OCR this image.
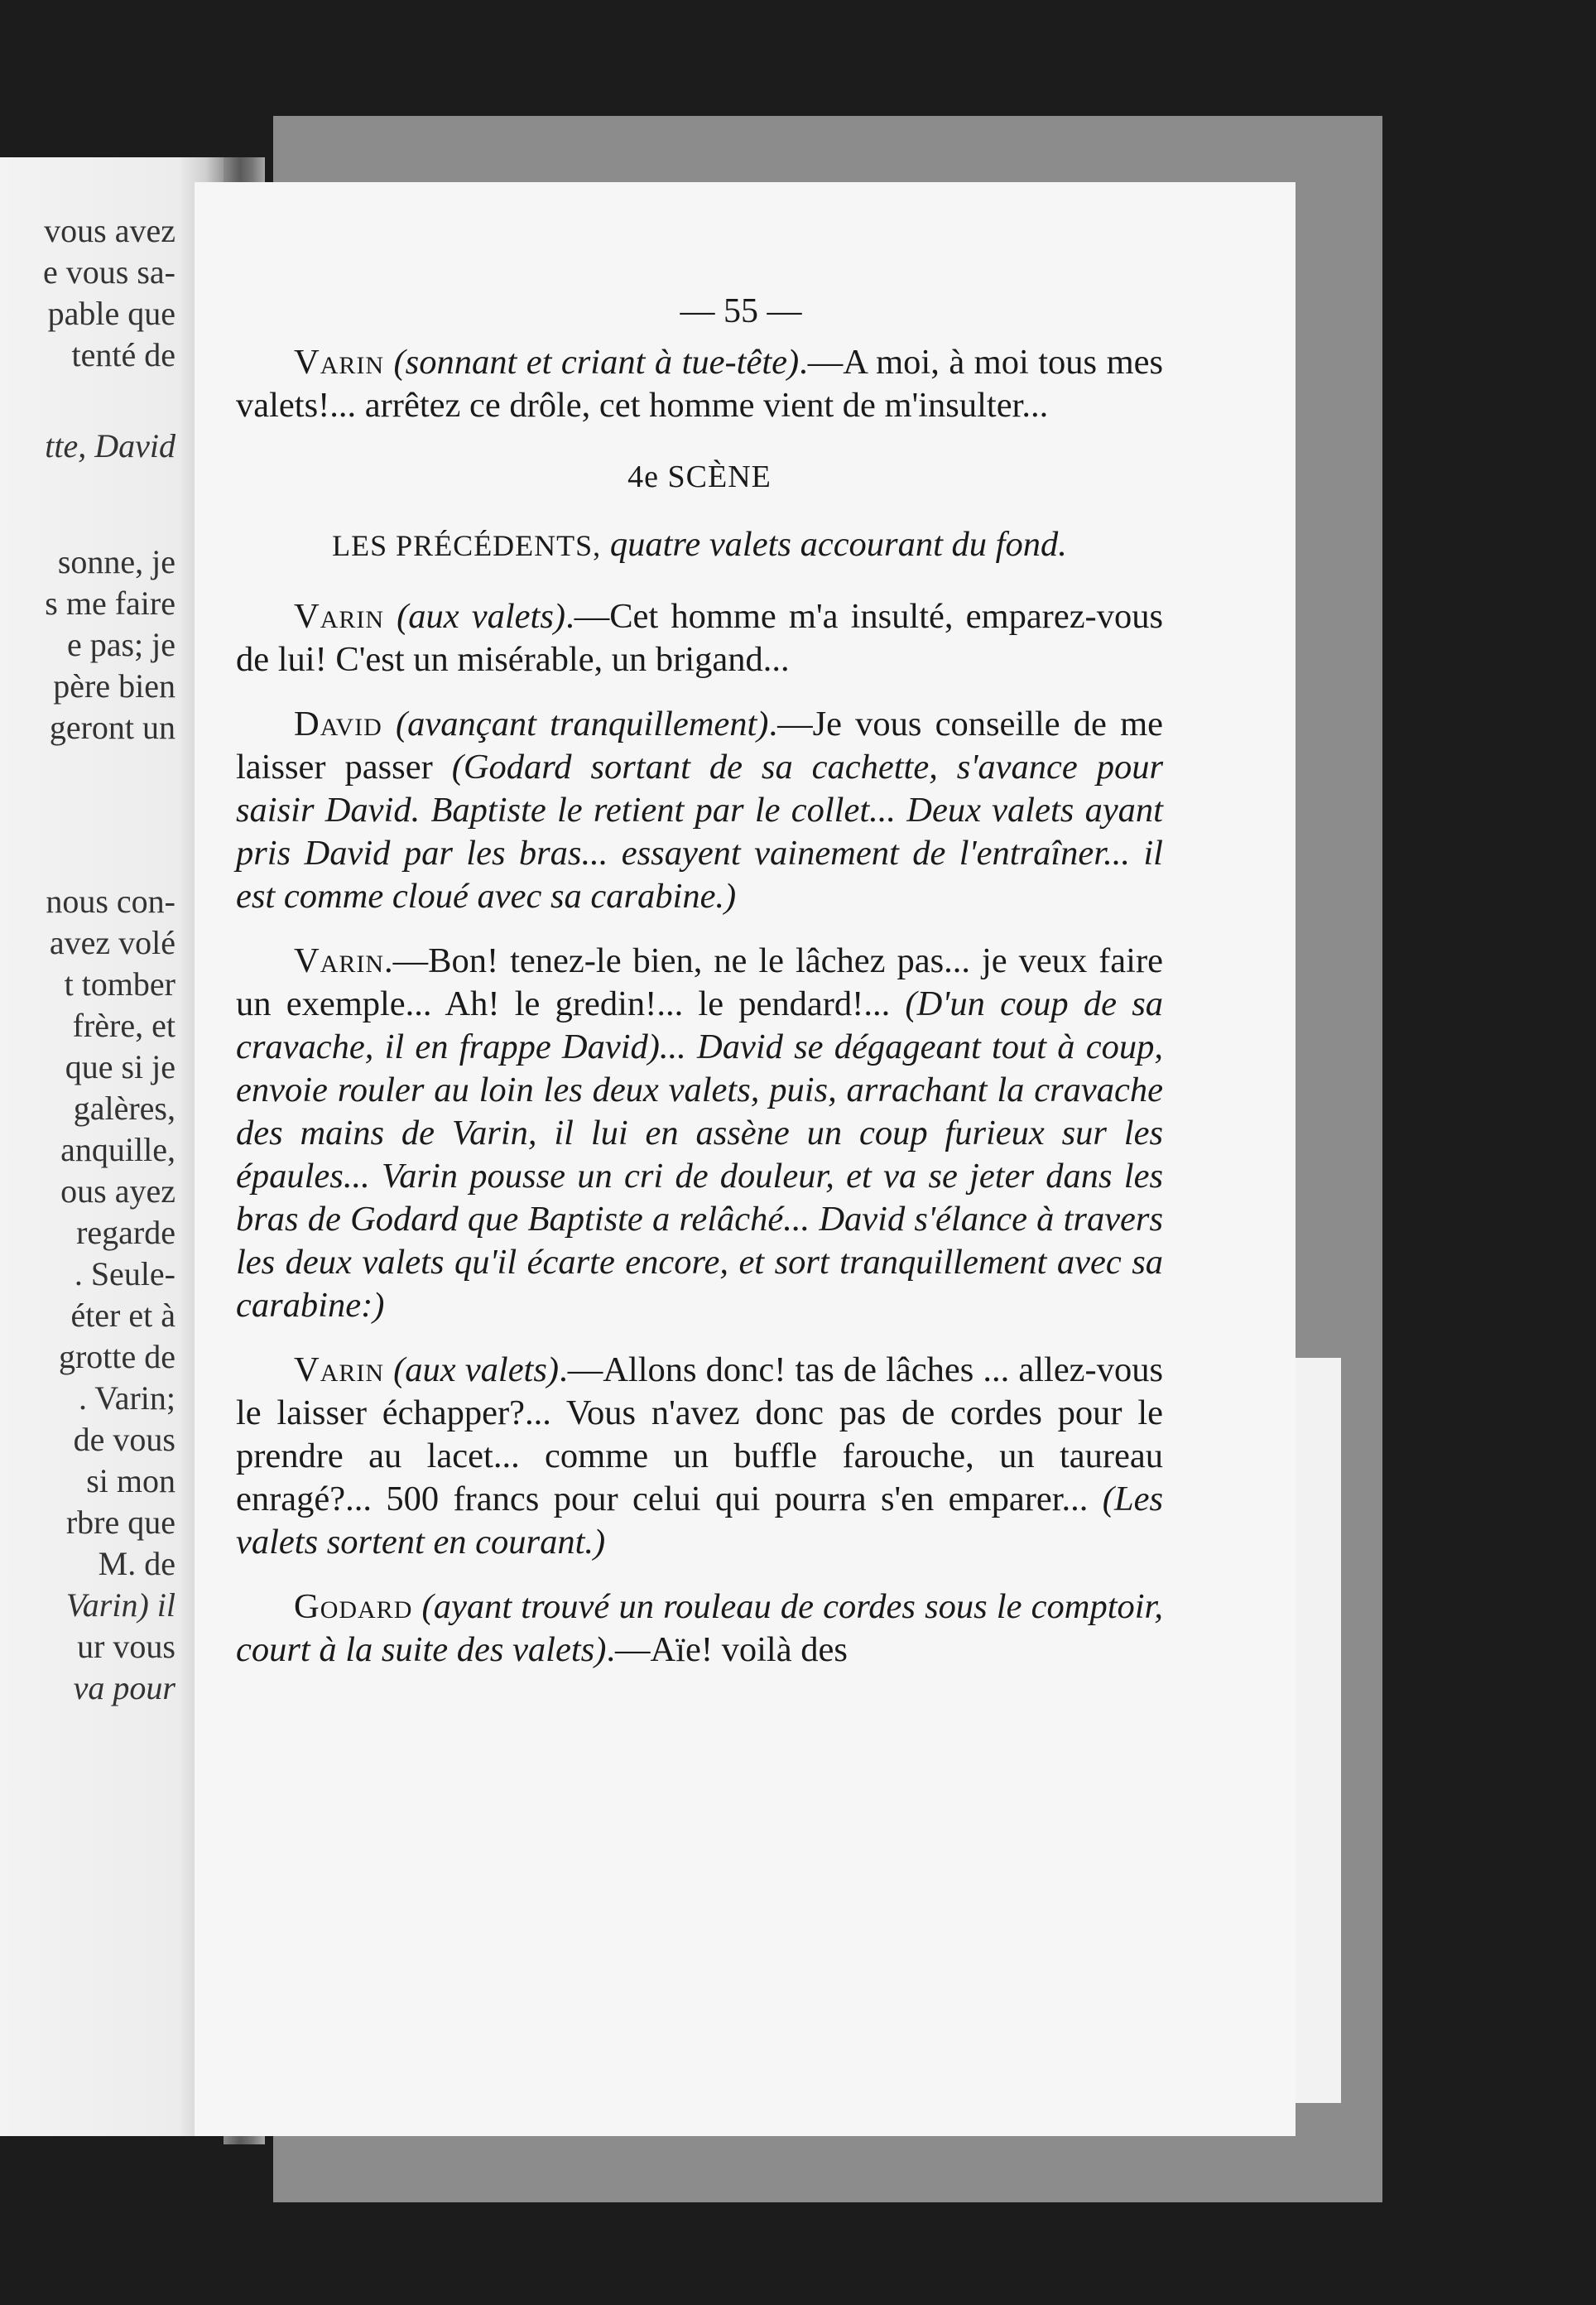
vous avez
e vous sa-
pable que
tenté de
tte, David
sonne, je
s me faire
e pas; je
père bien
geront un
nous con-
avez volé
t tomber
frère, et
que si je
galères,
anquille,
ous ayez
regarde
. Seule-
éter et à
grotte de
. Varin;
de vous
si mon
rbre que
M. de
Varin) il
ur vous
va pour
— 55 —

Varin (sonnant et criant à tue-tête).—A moi, à moi tous mes valets!... arrêtez ce drôle, cet homme vient de m'insulter...

4e SCÈNE
LES PRÉCÉDENTS, quatre valets accourant du fond.

Varin (aux valets).—Cet homme m'a insulté, emparez-vous de lui! C'est un misérable, un brigand...

David (avançant tranquillement).—Je vous conseille de me laisser passer (Godard sortant de sa cachette, s'avance pour saisir David. Baptiste le retient par le collet... Deux valets ayant pris David par les bras... essayent vainement de l'entraîner... il est comme cloué avec sa carabine.)

Varin.—Bon! tenez-le bien, ne le lâchez pas... je veux faire un exemple... Ah! le gredin!... le pendard!... (D'un coup de sa cravache, il en frappe David)... David se dégageant tout à coup, envoie rouler au loin les deux valets, puis, arrachant la cravache des mains de Varin, il lui en assène un coup furieux sur les épaules... Varin pousse un cri de douleur, et va se jeter dans les bras de Godard que Baptiste a relâché... David s'élance à travers les deux valets qu'il écarte encore, et sort tranquillement avec sa carabine:)

Varin (aux valets).—Allons donc! tas de lâches ... allez-vous le laisser échapper?... Vous n'avez donc pas de cordes pour le prendre au lacet... comme un buffle farouche, un taureau enragé?... 500 francs pour celui qui pourra s'en emparer... (Les valets sortent en courant.)

Godard (ayant trouvé un rouleau de cordes sous le comptoir, court à la suite des valets).—Aïe! voilà des
